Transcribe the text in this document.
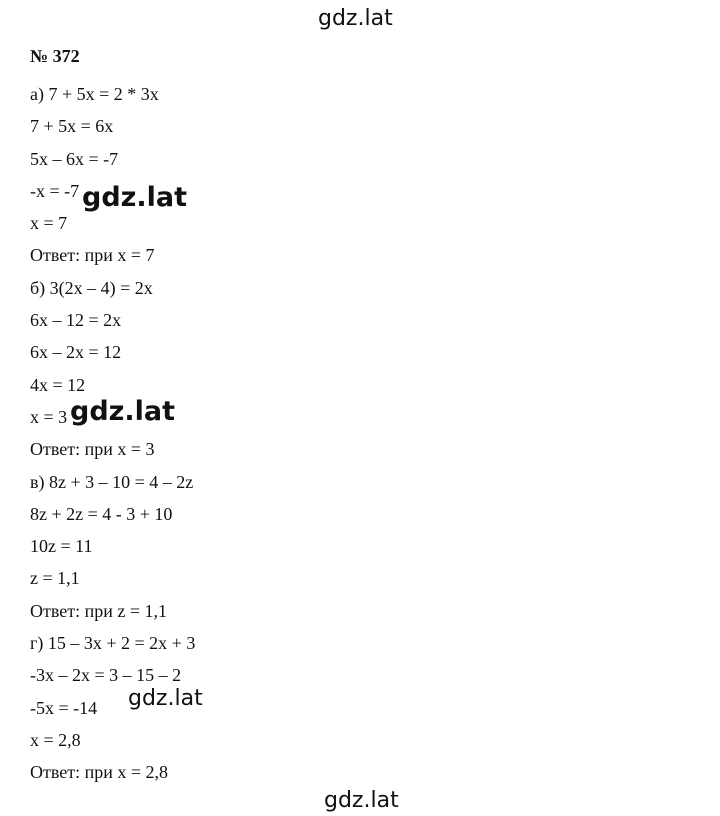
gdz.lat
№ 372
а) 7 + 5x = 2 * 3x
7 + 5x = 6x
5x – 6x = -7
-x = -7
x = 7
Ответ: при x = 7
б) 3(2x – 4) = 2x
6x – 12 = 2x
6x – 2x = 12
4x = 12
x = 3
Ответ: при x = 3
в) 8z + 3 – 10 = 4 – 2z
8z + 2z = 4 - 3 + 10
10z = 11
z = 1,1
Ответ: при z = 1,1
г) 15 – 3x + 2 = 2x + 3
-3x – 2x = 3 – 15 – 2
-5x = -14
x = 2,8
Ответ: при x = 2,8
gdz.lat
gdz.lat
gdz.lat
gdz.lat
